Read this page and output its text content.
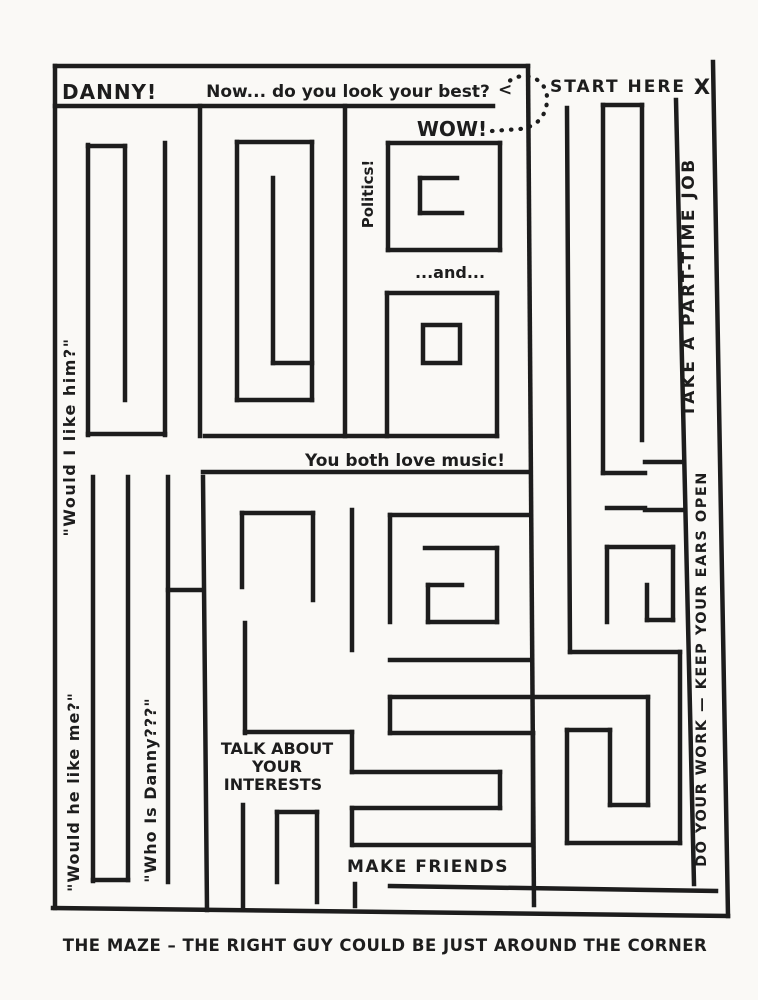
DANNY!	Now... do you look your best? < START HERE X
TAKE A PART-TIME JOB
WOW!
Politics!
...and...
You both love music!
"Would I like him?"
DO YOUR WORK — KEEP YOUR EARS OPEN
"Would he like me?"	"Who Is Danny???"	TALK ABOUT
YOUR
INTERESTS
MAKE FRIENDS
THE MAZE – THE RIGHT GUY COULD BE JUST AROUND THE CORNER
